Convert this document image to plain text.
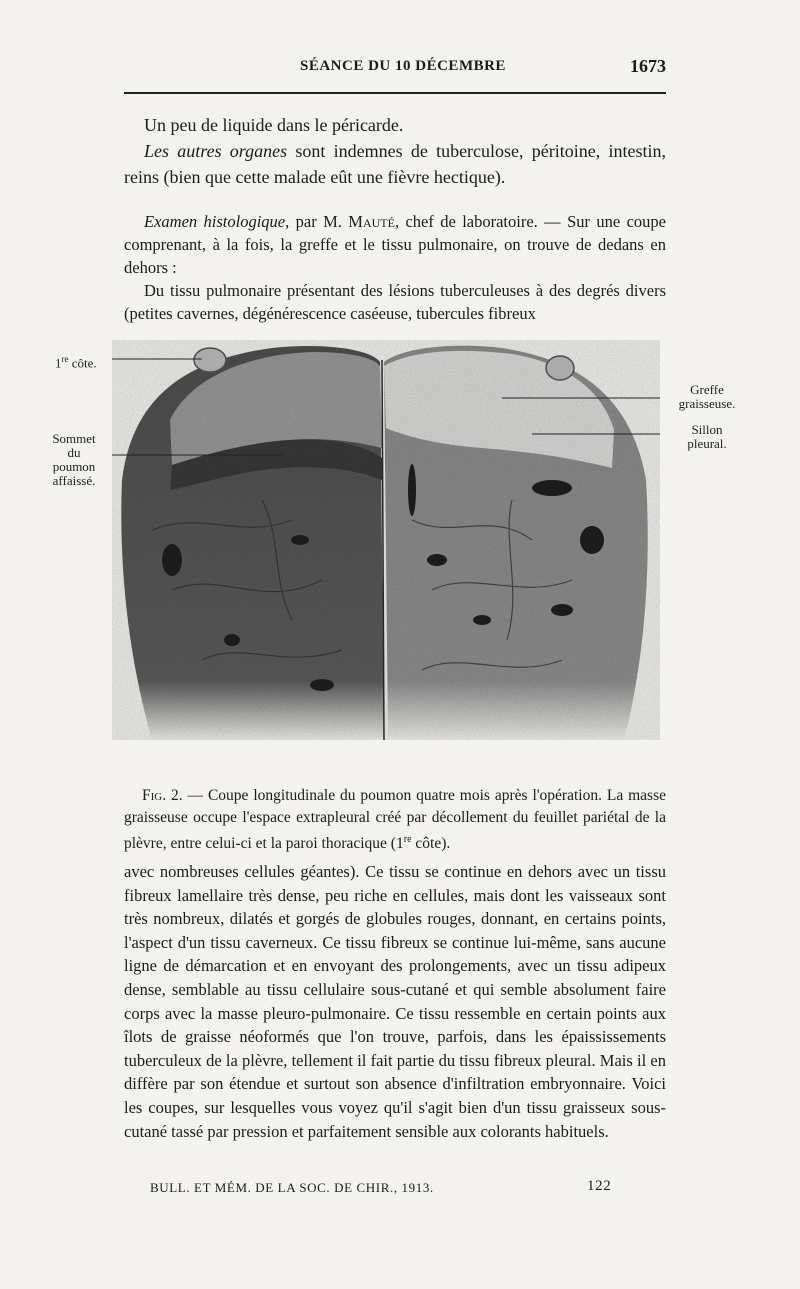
SÉANCE DU 10 DÉCEMBRE	1673

Un peu de liquide dans le péricarde.

Les autres organes sont indemnes de tuberculose, péritoine, intestin, reins (bien que cette malade eût une fièvre hectique).

Examen histologique, par M. Mauté, chef de laboratoire. — Sur une coupe comprenant, à la fois, la greffe et le tissu pulmonaire, on trouve de dedans en dehors :

Du tissu pulmonaire présentant des lésions tuberculeuses à des degrés divers (petites cavernes, dégénérescence caséeuse, tubercules fibreux

1re côte.
Sommet
du
poumon
affaissé.
Greffe
graisseuse.
Sillon
pleural.
Fig. 2. — Coupe longitudinale du poumon quatre mois après l'opération. La masse graisseuse occupe l'espace extrapleural créé par décollement du feuillet pariétal de la plèvre, entre celui-ci et la paroi thoracique (1re côte).

avec nombreuses cellules géantes). Ce tissu se continue en dehors avec un tissu fibreux lamellaire très dense, peu riche en cellules, mais dont les vaisseaux sont très nombreux, dilatés et gorgés de globules rouges, donnant, en certains points, l'aspect d'un tissu caverneux. Ce tissu fibreux se continue lui-même, sans aucune ligne de démarcation et en envoyant des prolongements, avec un tissu adipeux dense, semblable au tissu cellulaire sous-cutané et qui semble absolument faire corps avec la masse pleuro-pulmonaire. Ce tissu ressemble en certain points aux îlots de graisse néoformés que l'on trouve, parfois, dans les épaississements tuberculeux de la plèvre, tellement il fait partie du tissu fibreux pleural. Mais il en diffère par son étendue et surtout son absence d'infiltration embryonnaire. Voici les coupes, sur lesquelles vous voyez qu'il s'agit bien d'un tissu graisseux sous-cutané tassé par pression et parfaitement sensible aux colorants habituels.

BULL. ET MÉM. DE LA SOC. DE CHIR., 1913.	122
